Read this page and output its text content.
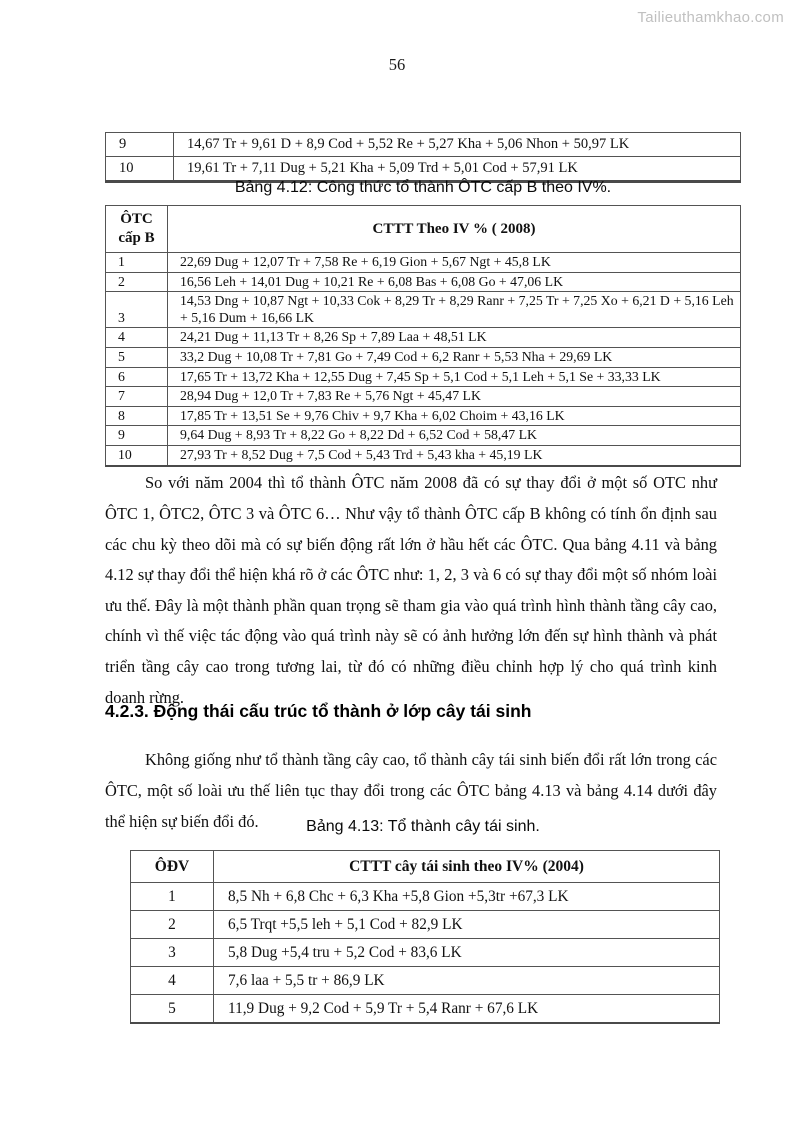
Tailieuthamkhao.com
56
9	14,67 Tr + 9,61 D + 8,9 Cod + 5,52 Re + 5,27 Kha + 5,06 Nhon + 50,97 LK
10	19,61 Tr + 7,11 Dug + 5,21 Kha + 5,09 Trd + 5,01 Cod + 57,91 LK
Bảng 4.12: Công thức tổ thành ÔTC cấp B theo IV%.
ÔTC cấp B	CTTT Theo IV % ( 2008)
1	22,69 Dug + 12,07 Tr + 7,58 Re + 6,19 Gion + 5,67 Ngt + 45,8 LK
2	16,56 Leh + 14,01 Dug + 10,21 Re + 6,08 Bas + 6,08 Go + 47,06 LK
3	14,53 Dng + 10,87 Ngt + 10,33 Cok + 8,29 Tr + 8,29 Ranr + 7,25 Tr + 7,25 Xo + 6,21 D + 5,16 Leh + 5,16 Dum + 16,66 LK
4	24,21 Dug + 11,13 Tr + 8,26 Sp + 7,89 Laa + 48,51 LK
5	33,2 Dug + 10,08 Tr + 7,81 Go + 7,49 Cod + 6,2 Ranr + 5,53 Nha + 29,69 LK
6	17,65 Tr + 13,72 Kha + 12,55 Dug + 7,45 Sp + 5,1 Cod + 5,1 Leh + 5,1 Se + 33,33 LK
7	28,94 Dug + 12,0 Tr + 7,83 Re + 5,76 Ngt + 45,47 LK
8	17,85 Tr + 13,51 Se + 9,76 Chiv + 9,7 Kha + 6,02 Choim + 43,16 LK
9	9,64 Dug + 8,93 Tr + 8,22 Go + 8,22 Dd + 6,52 Cod + 58,47 LK
10	27,93 Tr + 8,52 Dug + 7,5 Cod + 5,43 Trd + 5,43 kha + 45,19 LK

So với năm 2004 thì tổ thành ÔTC năm 2008 đã có sự thay đổi ở một số OTC như ÔTC 1, ÔTC2, ÔTC 3 và ÔTC 6… Như vậy tổ thành ÔTC cấp B không có tính ổn định sau các chu kỳ theo dõi mà có sự biến động rất lớn ở hầu hết các ÔTC. Qua bảng 4.11 và bảng 4.12 sự thay đổi thể hiện khá rõ ở các ÔTC như: 1, 2, 3 và 6 có sự thay đổi một số nhóm loài ưu thế. Đây là một thành phần quan trọng sẽ tham gia vào quá trình hình thành tầng cây cao, chính vì thế việc tác động vào quá trình này sẽ có ảnh hưởng lớn đến sự hình thành và phát triển tầng cây cao trong tương lai, từ đó có những điều chỉnh hợp lý cho quá trình kinh doanh rừng.

4.2.3. Động thái cấu trúc tổ thành ở lớp cây tái sinh

Không giống như tổ thành tầng cây cao, tổ thành cây tái sinh biến đổi rất lớn trong các ÔTC, một số loài ưu thế liên tục thay đổi trong các ÔTC bảng 4.13 và bảng 4.14 dưới đây thể hiện sự biến đổi đó.	Bảng 4.13: Tổ thành cây tái sinh.
ÔĐV	CTTT cây tái sinh theo IV% (2004)
1	8,5 Nh + 6,8 Chc + 6,3 Kha +5,8 Gion +5,3tr +67,3 LK
2	6,5 Trqt +5,5 leh + 5,1 Cod + 82,9 LK
3	5,8 Dug +5,4 tru + 5,2 Cod + 83,6 LK
4	7,6 laa + 5,5 tr + 86,9 LK
5	11,9 Dug + 9,2 Cod + 5,9 Tr + 5,4 Ranr + 67,6 LK
